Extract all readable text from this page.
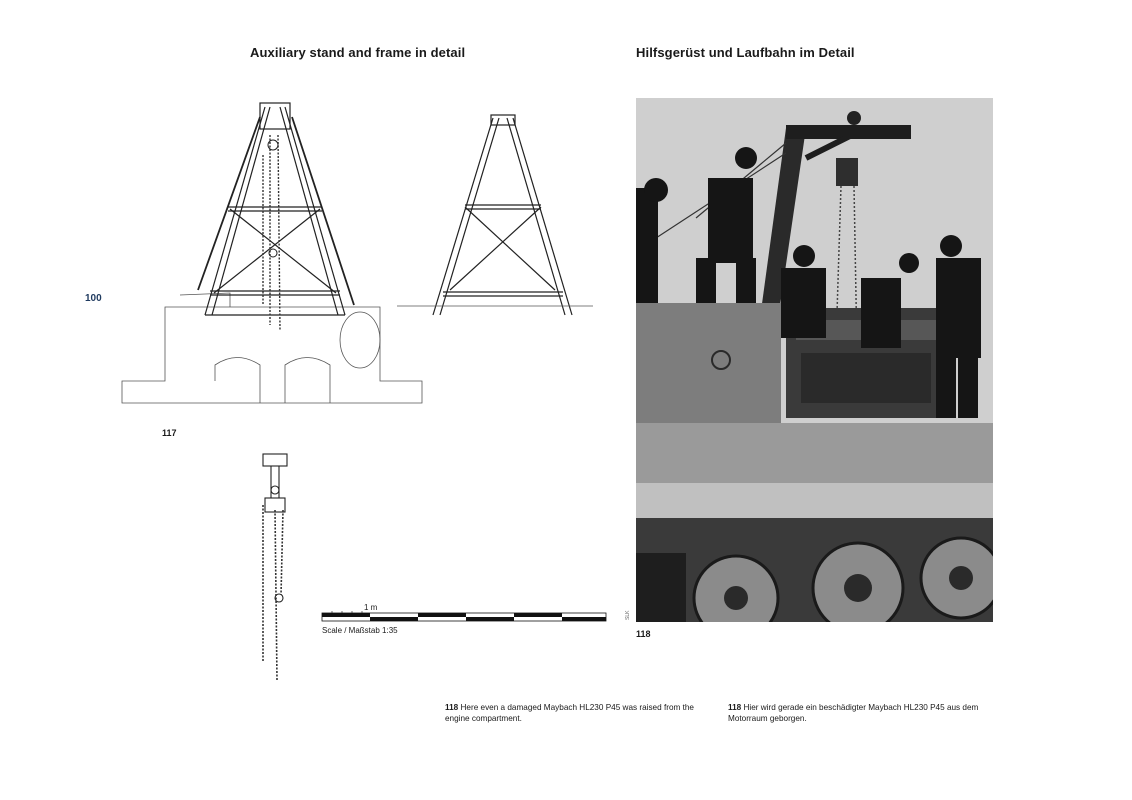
Auxiliary stand and frame in detail	Hilfsgerüst und Laufbahn im Detail
100
117
1 m
Scale / Maßstab 1:35
SLK
118
118 Here even a damaged Maybach HL230 P45 was raised from the engine compartment.
118 Hier wird gerade ein beschädigter Maybach HL230 P45 aus dem Motorraum geborgen.
